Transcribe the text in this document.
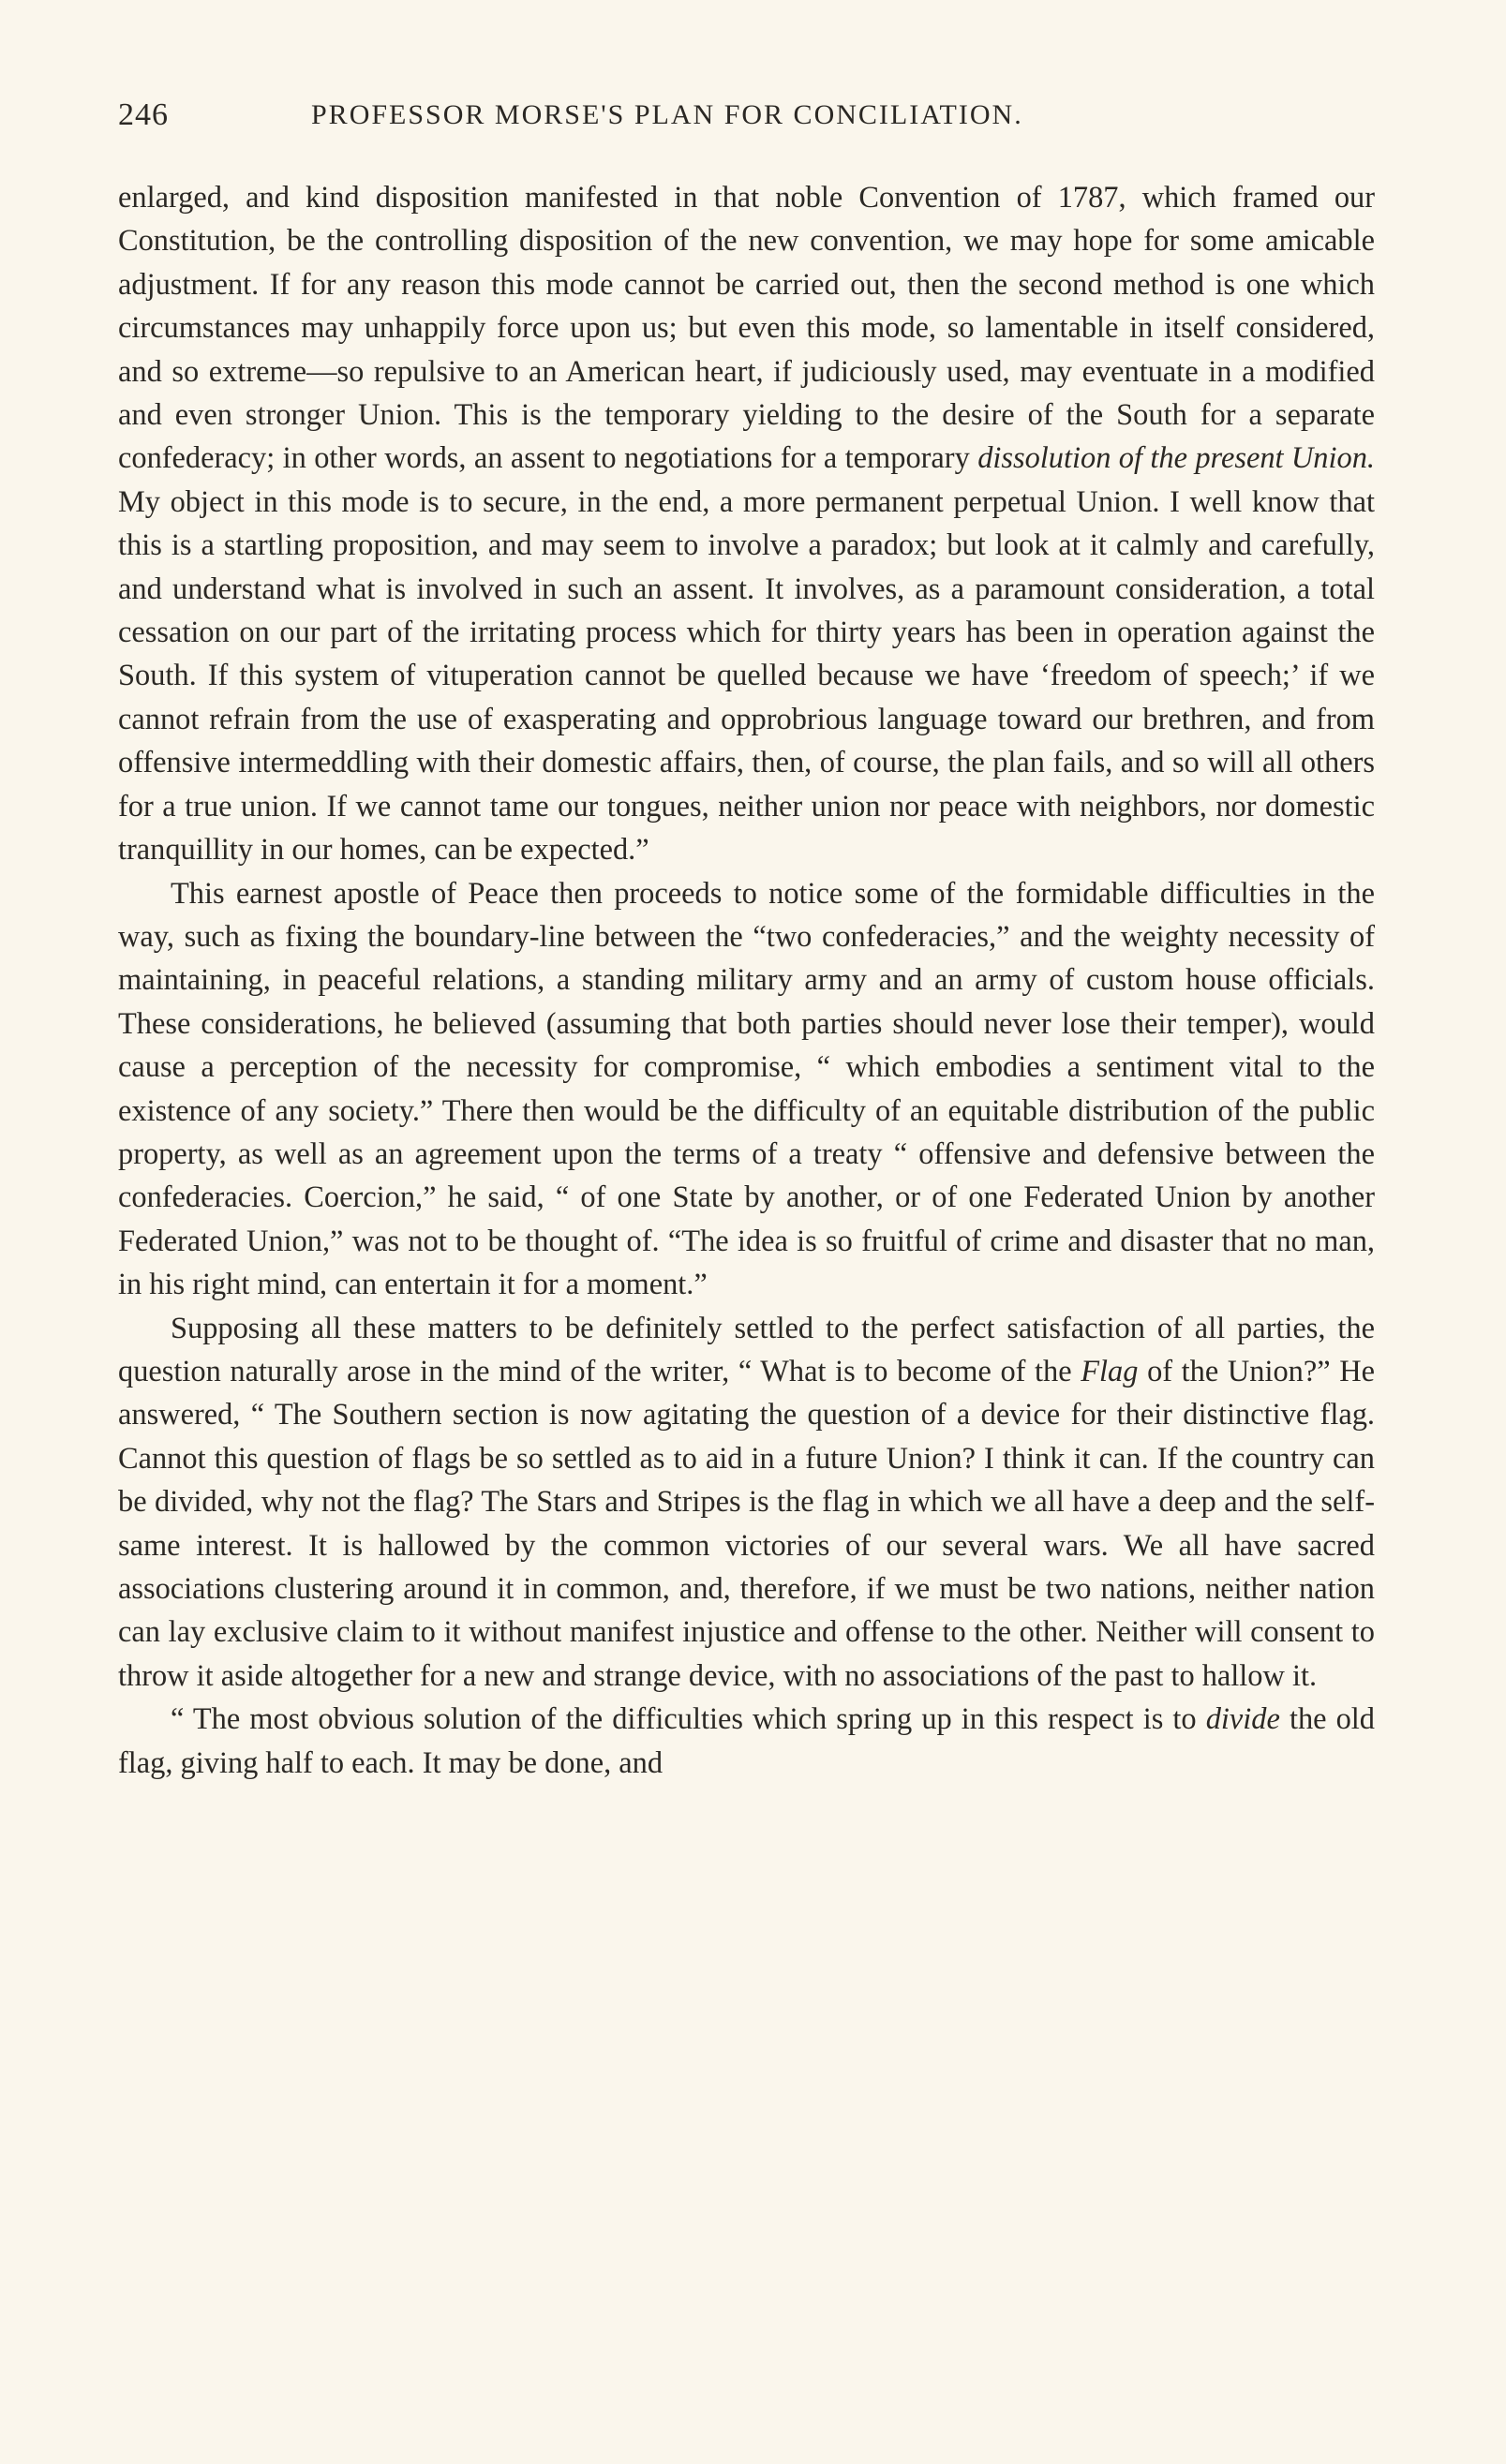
246	PROFESSOR MORSE'S PLAN FOR CONCILIATION.

enlarged, and kind disposition manifested in that noble Convention of 1787, which framed our Constitution, be the controlling disposition of the new convention, we may hope for some amicable adjustment. If for any reason this mode cannot be carried out, then the second method is one which circumstances may unhappily force upon us; but even this mode, so lamentable in itself considered, and so extreme—so repulsive to an American heart, if judiciously used, may eventuate in a modified and even stronger Union. This is the temporary yielding to the desire of the South for a separate confederacy; in other words, an assent to negotiations for a temporary dissolution of the present Union. My object in this mode is to secure, in the end, a more permanent perpetual Union. I well know that this is a startling proposition, and may seem to involve a paradox; but look at it calmly and carefully, and understand what is involved in such an assent. It involves, as a paramount consideration, a total cessation on our part of the irritating process which for thirty years has been in operation against the South. If this system of vituperation cannot be quelled because we have ‘freedom of speech;’ if we cannot refrain from the use of exasperating and opprobrious language toward our brethren, and from offensive intermeddling with their domestic affairs, then, of course, the plan fails, and so will all others for a true union. If we cannot tame our tongues, neither union nor peace with neighbors, nor domestic tranquillity in our homes, can be expected.”

This earnest apostle of Peace then proceeds to notice some of the formidable difficulties in the way, such as fixing the boundary-line between the “two confederacies,” and the weighty necessity of maintaining, in peaceful relations, a standing military army and an army of custom house officials. These considerations, he believed (assuming that both parties should never lose their temper), would cause a perception of the necessity for compromise, “ which embodies a sentiment vital to the existence of any society.” There then would be the difficulty of an equitable distribution of the public property, as well as an agreement upon the terms of a treaty “ offensive and defensive between the confederacies. Coercion,” he said, “ of one State by another, or of one Federated Union by another Federated Union,” was not to be thought of. “The idea is so fruitful of crime and disaster that no man, in his right mind, can entertain it for a moment.”

Supposing all these matters to be definitely settled to the perfect satisfaction of all parties, the question naturally arose in the mind of the writer, “ What is to become of the Flag of the Union?” He answered, “ The Southern section is now agitating the question of a device for their distinctive flag. Cannot this question of flags be so settled as to aid in a future Union? I think it can. If the country can be divided, why not the flag? The Stars and Stripes is the flag in which we all have a deep and the self-same interest. It is hallowed by the common victories of our several wars. We all have sacred associations clustering around it in common, and, therefore, if we must be two nations, neither nation can lay exclusive claim to it without manifest injustice and offense to the other. Neither will consent to throw it aside altogether for a new and strange device, with no associations of the past to hallow it.

“ The most obvious solution of the difficulties which spring up in this respect is to divide the old flag, giving half to each. It may be done, and
